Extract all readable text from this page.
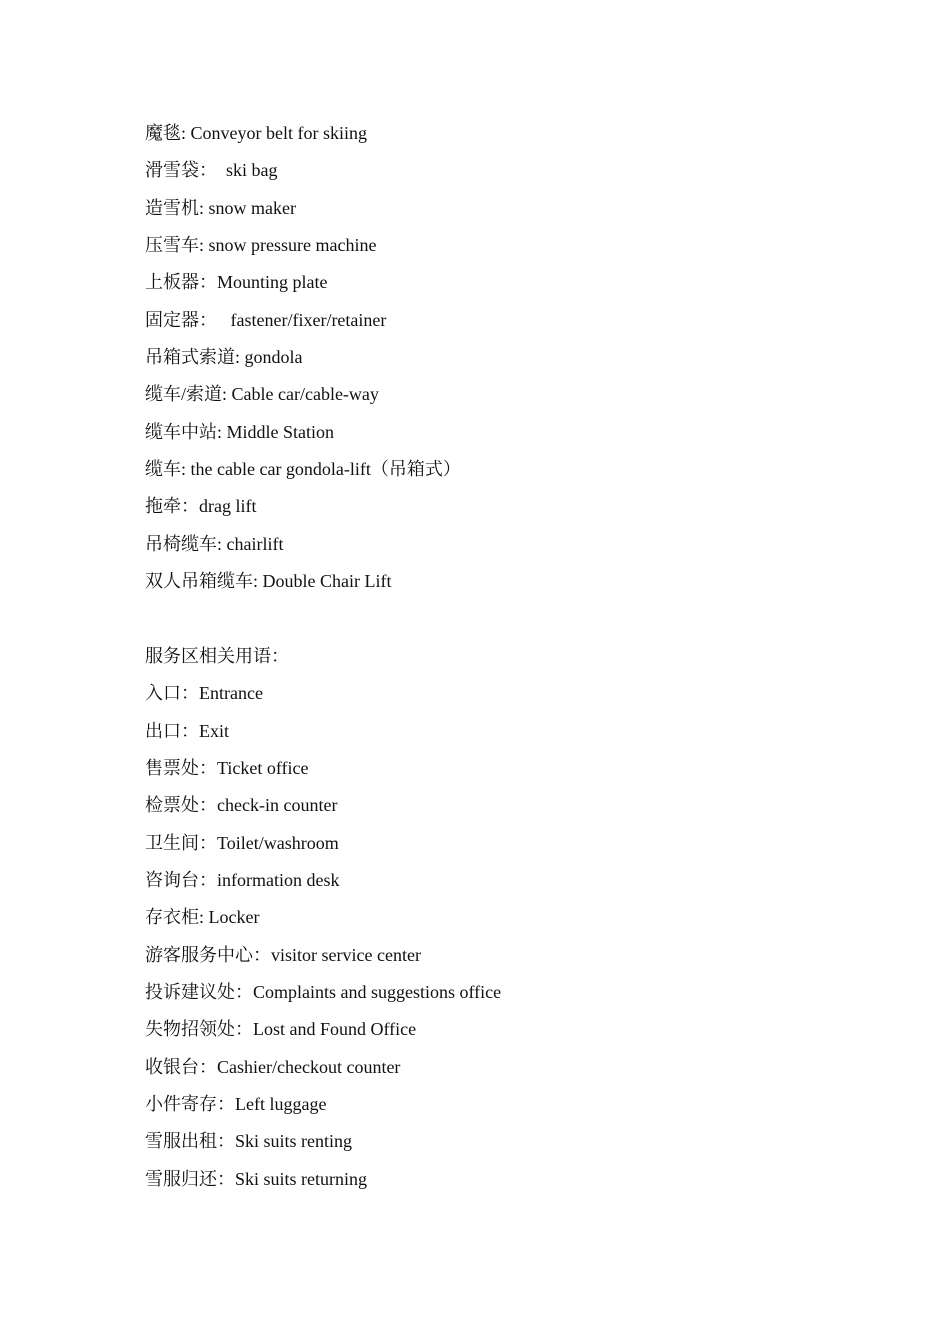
魔毯: Conveyor belt for skiing
滑雪袋：  ski bag
造雪机: snow maker
压雪车: snow pressure machine
上板器：Mounting plate
固定器：   fastener/fixer/retainer
吊箱式索道: gondola
缆车/索道: Cable car/cable-way
缆车中站: Middle Station
缆车: the cable car gondola-lift（吊箱式）
拖牵：drag lift
吊椅缆车: chairlift
双人吊箱缆车: Double Chair Lift
服务区相关用语：
入口：Entrance
出口：Exit
售票处：Ticket office
检票处：check-in counter
卫生间：Toilet/washroom
咨询台：information desk
存衣柜: Locker
游客服务中心：visitor service center
投诉建议处：Complaints and suggestions office
失物招领处：Lost and Found Office
收银台：Cashier/checkout counter
小件寄存：Left luggage
雪服出租：Ski suits renting
雪服归还：Ski suits returning
